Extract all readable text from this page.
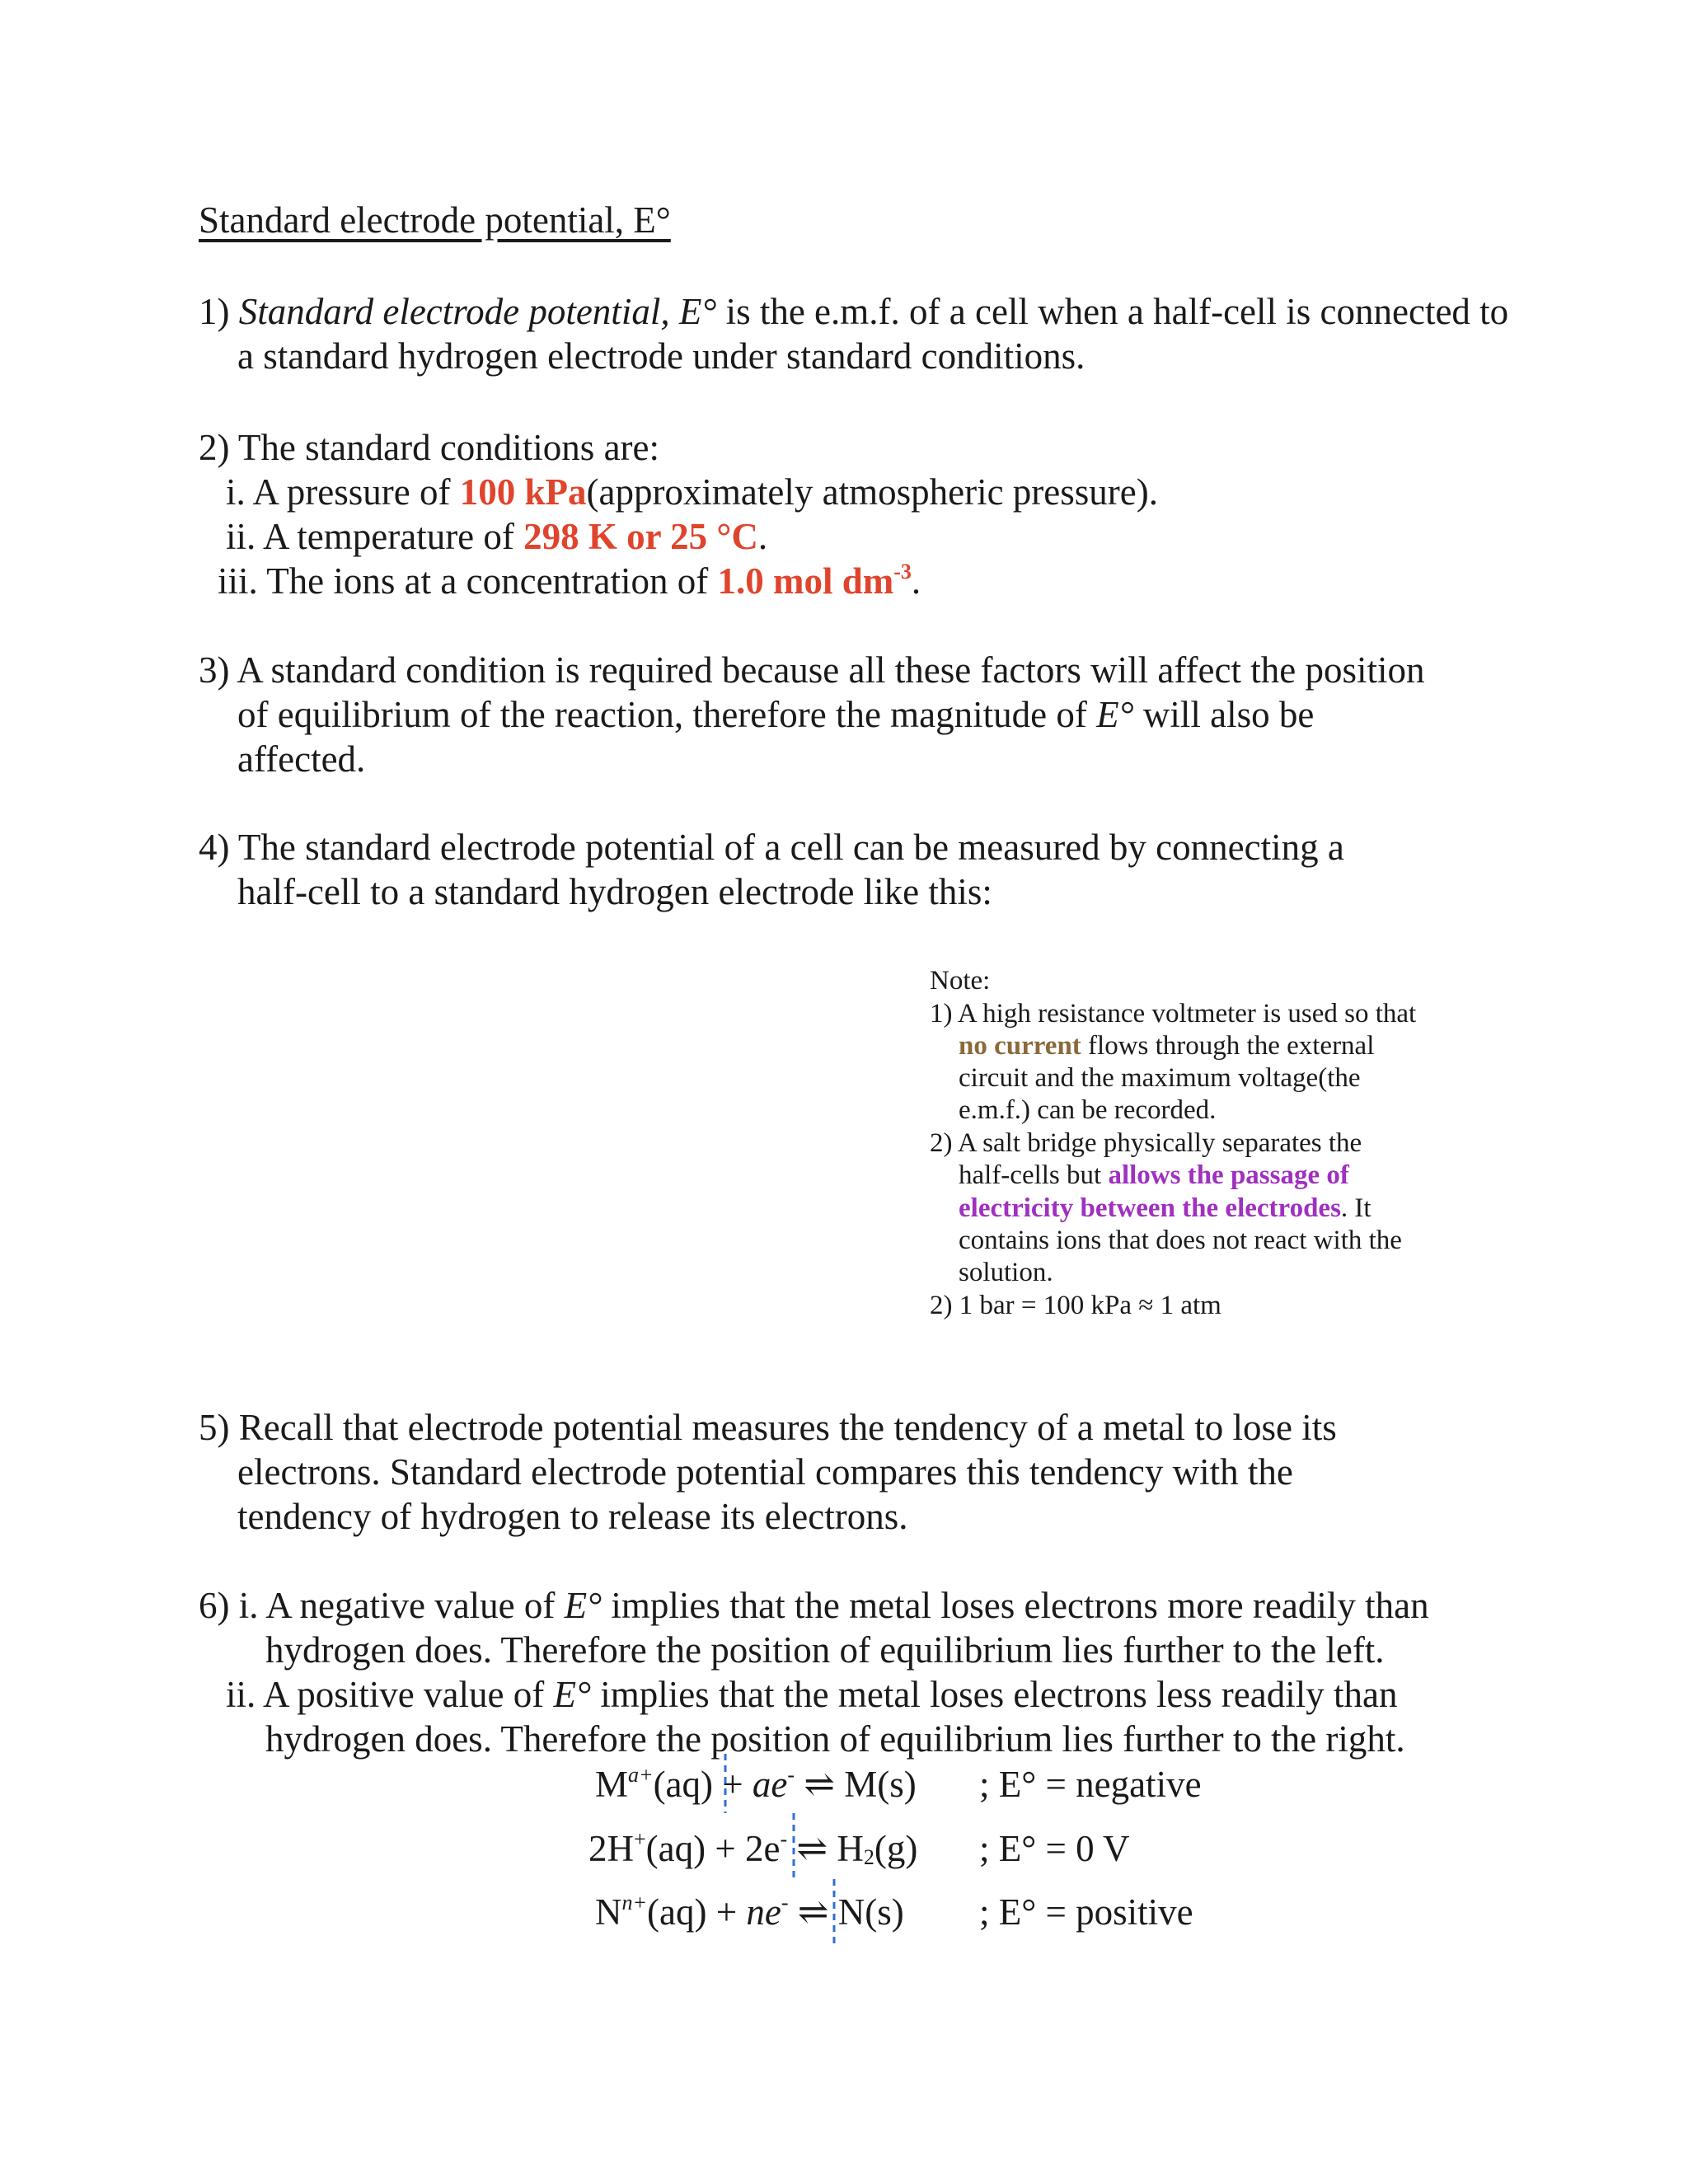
Standard electrode potential, E°
1) Standard electrode potential, E° is the e.m.f. of a cell when a half-cell is connected to
a standard hydrogen electrode under standard conditions.
2) The standard conditions are:
i. A pressure of 100 kPa(approximately atmospheric pressure).
ii. A temperature of 298 K or 25 °C.
iii. The ions at a concentration of 1.0 mol $dm^{-3}$.
3) A standard condition is required because all these factors will affect the position
of equilibrium of the reaction, therefore the magnitude of E° will also be
affected.
4) The standard electrode potential of a cell can be measured by connecting a
half-cell to a standard hydrogen electrode like this:
Note:
1) A high resistance voltmeter is used so that
no current flows through the external
circuit and the maximum voltage(the
e.m.f.) can be recorded.
2) A salt bridge physically separates the
half-cells but allows the passage of
electricity between the electrodes. It
contains ions that does not react with the
solution.
2) 1 bar = 100 kPa ≈ 1 atm
5) Recall that electrode potential measures the tendency of a metal to lose its
electrons. Standard electrode potential compares this tendency with the
tendency of hydrogen to release its electrons.
6) i. A negative value of E° implies that the metal loses electrons more readily than
hydrogen does. Therefore the position of equilibrium lies further to the left.
ii. A positive value of E° implies that the metal loses electrons less readily than
hydrogen does. Therefore the position of equilibrium lies further to the right.
$M^{a+}(aq) + ae^-$ ⇌ M(s) ; E° = negative
2H+(aq) + 2e- ⇌ $H_2(g)$ ; E° = 0 V
$N^{n+}(aq) + ne^-$ ⇌ N(s) ; E° = positive
